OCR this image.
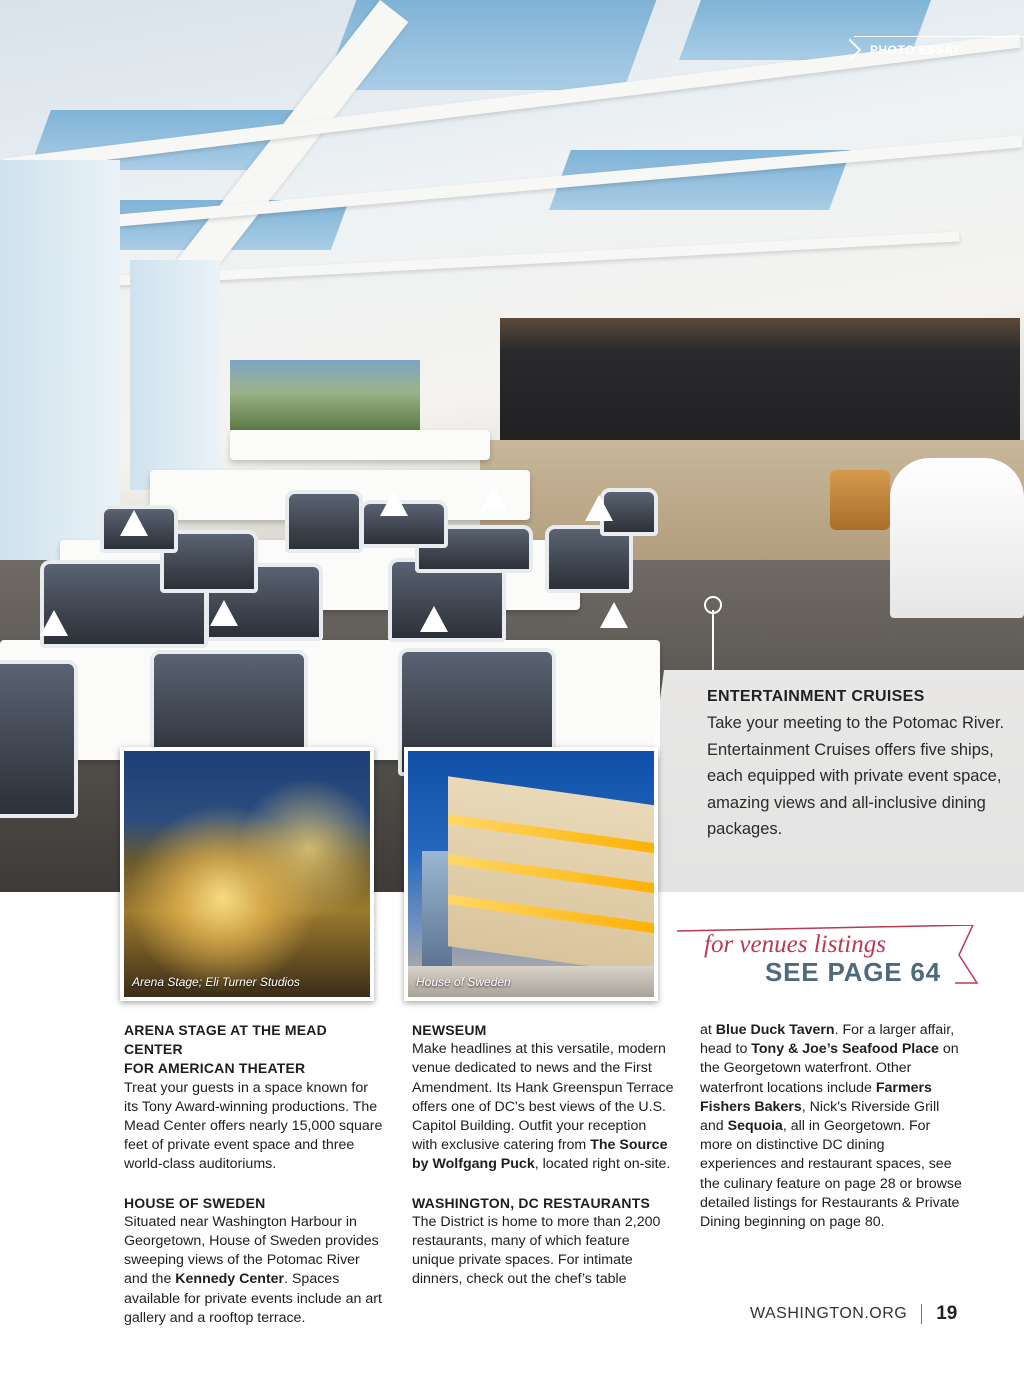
PHOTO ESSAY
ENTERTAINMENT CRUISES

Take your meeting to the Potomac River. Entertainment Cruises offers five ships, each equipped with private event space, amazing views and all-inclusive dining packages.

Arena Stage; Eli Turner Studios	House of Sweden
for venues listings
SEE PAGE 64
ARENA STAGE AT THE MEAD CENTER
FOR AMERICAN THEATER

Treat your guests in a space known for its Tony Award-winning productions. The Mead Center offers nearly 15,000 square feet of private event space and three world-class auditoriums.

HOUSE OF SWEDEN

Situated near Washington Harbour in Georgetown, House of Sweden provides sweeping views of the Potomac River and the Kennedy Center. Spaces available for private events include an art gallery and a rooftop terrace.

NEWSEUM

Make headlines at this versatile, modern venue dedicated to news and the First Amendment. Its Hank Greenspun Terrace offers one of DC's best views of the U.S. Capitol Building. Outfit your reception with exclusive catering from The Source by Wolfgang Puck, located right on-site.

WASHINGTON, DC RESTAURANTS

The District is home to more than 2,200 restaurants, many of which feature unique private spaces. For intimate dinners, check out the chef’s table

at Blue Duck Tavern. For a larger affair, head to Tony & Joe’s Seafood Place on the Georgetown waterfront. Other waterfront locations include Farmers Fishers Bakers, Nick's Riverside Grill and Sequoia, all in Georgetown. For more on distinctive DC dining experiences and restaurant spaces, see the culinary feature on page 28 or browse detailed listings for Restaurants & Private Dining beginning on page 80.

WASHINGTON.ORG 19
